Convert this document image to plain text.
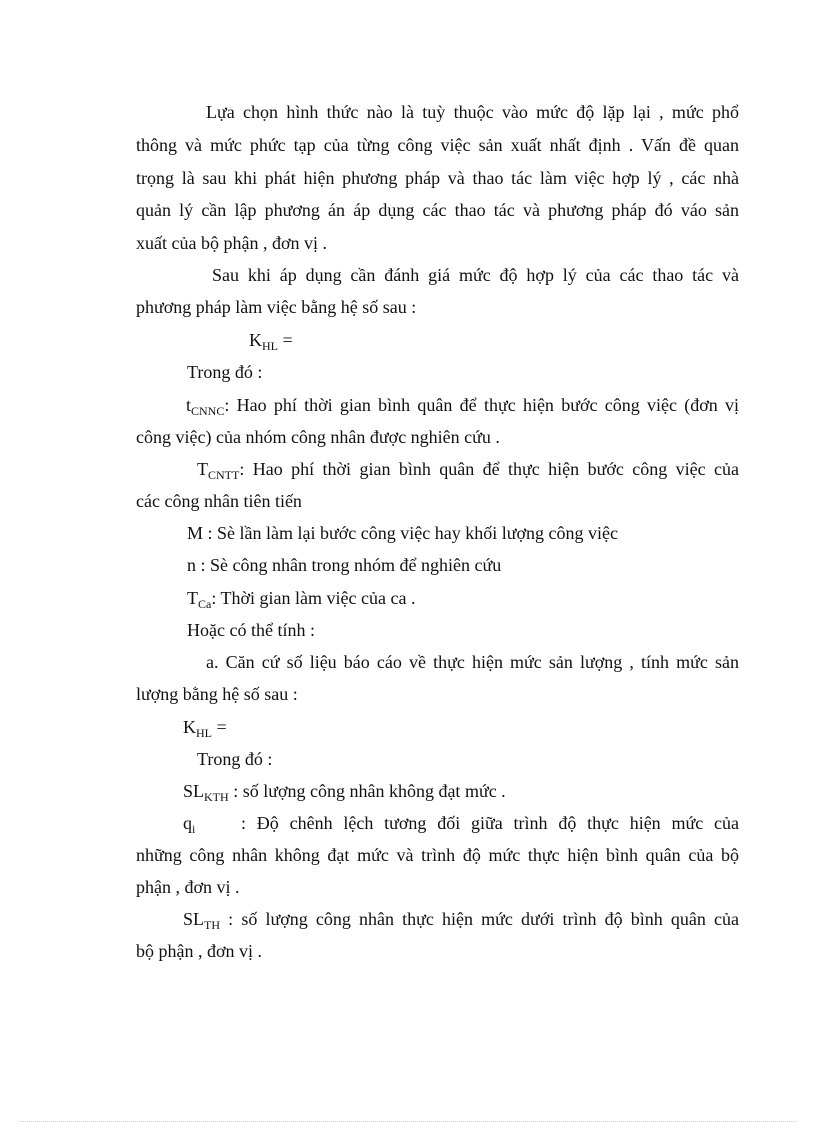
Lựa chọn hình thức nào là tuỳ thuộc vào mức độ lặp lại , mức phổ
thông và mức phức tạp của từng công việc sản xuất nhất định . Vấn đề quan
trọng là sau khi phát hiện phương pháp và thao tác làm việc hợp lý , các nhà
quản lý cần lập phương án áp dụng các thao tác và phương pháp đó váo sản
xuất của bộ phận , đơn vị .
Sau khi áp dụng cần đánh giá mức độ hợp lý của các thao tác và
phương pháp làm việc bằng hệ số sau :
$K_{HL}$ =
Trong đó :
$t_{CNNC}$: Hao phí thời gian bình quân để thực hiện bước công việc (đơn vị
công việc) của nhóm công nhân được nghiên cứu .
$T_{CNTT}$: Hao phí thời gian bình quân để thực hiện bước công việc của
các công nhân tiên tiến
M : Sè lần làm lại bước công việc hay khối lượng công việc
n : Sè công nhân trong nhóm để nghiên cứu
$T_{Ca}$: Thời gian làm việc của ca .
Hoặc có thể tính :
a. Căn cứ số liệu báo cáo về thực hiện mức sản lượng , tính mức sản
lượng bằng hệ số sau :
$K_{HL}$ =
Trong đó :
$SL_{KTH}$ : số lượng công nhân không đạt mức .
$q_i$	: Độ chênh lệch tương đối giữa trình độ thực hiện mức của
những công nhân không đạt mức và trình độ mức thực hiện bình quân của bộ
phận , đơn vị .
$SL_{TH}$ : số lượng công nhân thực hiện mức dưới trình độ bình quân của
bộ phận , đơn vị .
